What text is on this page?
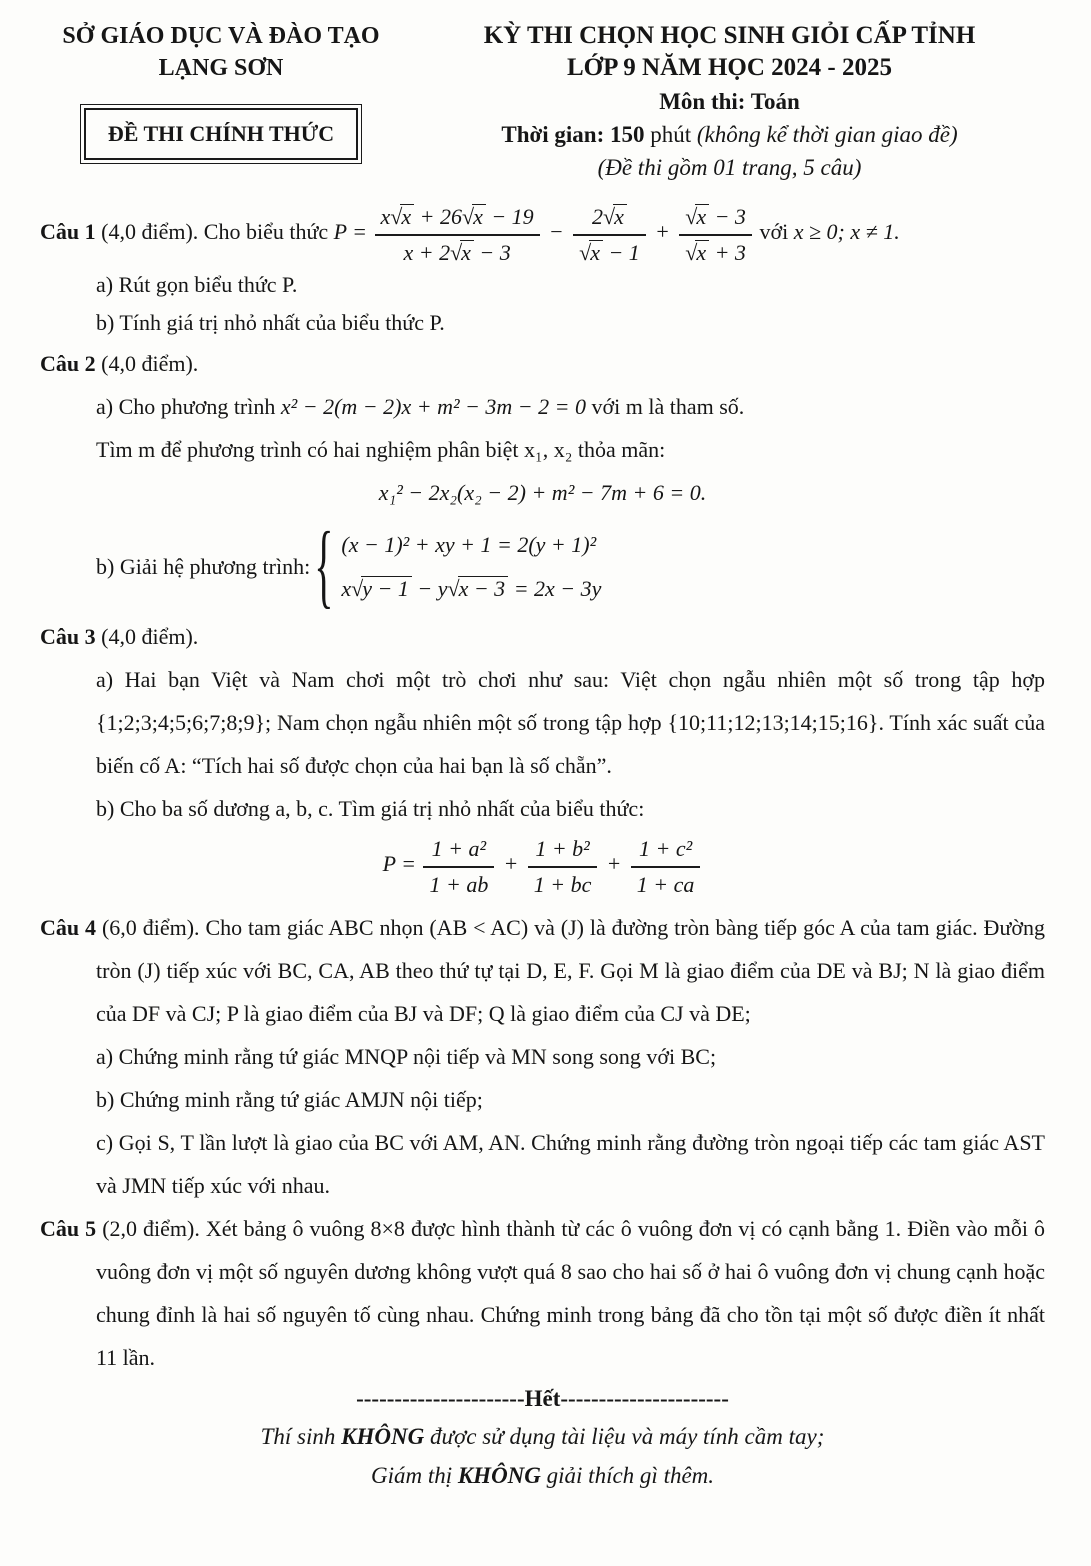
SỞ GIÁO DỤC VÀ ĐÀO TẠO
LẠNG SƠN
ĐỀ THI CHÍNH THỨC
KỲ THI CHỌN HỌC SINH GIỎI CẤP TỈNH
LỚP 9 NĂM HỌC 2024 - 2025
Môn thi: Toán
Thời gian: 150 phút (không kể thời gian giao đề)
(Đề thi gồm 01 trang, 5 câu)
Câu 1 (4,0 điểm). Cho biểu thức $P = \frac{x√x + 26√x - 19}{x + 2√x - 3} - \frac{2√x}{√x - 1} + \frac{√x - 3}{√x + 3}$ với x ≥ 0; x ≠ 1.
a) Rút gọn biểu thức P.
b) Tính giá trị nhỏ nhất của biểu thức P.
Câu 2 (4,0 điểm).
a) Cho phương trình x² − 2(m − 2)x + m² − 3m − 2 = 0 với m là tham số.
Tìm m để phương trình có hai nghiệm phân biệt x₁, x₂ thỏa mãn:
x₁² − 2x₂(x₂ − 2) + m² − 7m + 6 = 0.
b) Giải hệ phương trình: { (x − 1)² + xy + 1 = 2(y + 1)²
x√y − 1 − y√x − 3 = 2x − 3y
Câu 3 (4,0 điểm).
a) Hai bạn Việt và Nam chơi một trò chơi như sau: Việt chọn ngẫu nhiên một số trong tập hợp {1;2;3;4;5;6;7;8;9}; Nam chọn ngẫu nhiên một số trong tập hợp {10;11;12;13;14;15;16}. Tính xác suất của biến cố A: “Tích hai số được chọn của hai bạn là số chẵn”.
b) Cho ba số dương a, b, c. Tìm giá trị nhỏ nhất của biểu thức:
$P = \frac{\text{1 + a²}}{1 + ab} + \frac{\text{1 + b²}}{1 + bc} + \frac{\text{1 + c²}}{1 + ca}$
Câu 4 (6,0 điểm). Cho tam giác ABC nhọn (AB < AC) và (J) là đường tròn bàng tiếp góc A của tam giác. Đường tròn (J) tiếp xúc với BC, CA, AB theo thứ tự tại D, E, F. Gọi M là giao điểm của DE và BJ; N là giao điểm của DF và CJ; P là giao điểm của BJ và DF; Q là giao điểm của CJ và DE;
a) Chứng minh rằng tứ giác MNQP nội tiếp và MN song song với BC;
b) Chứng minh rằng tứ giác AMJN nội tiếp;
c) Gọi S, T lần lượt là giao của BC với AM, AN. Chứng minh rằng đường tròn ngoại tiếp các tam giác AST và JMN tiếp xúc với nhau.
Câu 5 (2,0 điểm). Xét bảng ô vuông 8×8 được hình thành từ các ô vuông đơn vị có cạnh bằng 1. Điền vào mỗi ô vuông đơn vị một số nguyên dương không vượt quá 8 sao cho hai số ở hai ô vuông đơn vị chung cạnh hoặc chung đỉnh là hai số nguyên tố cùng nhau. Chứng minh trong bảng đã cho tồn tại một số được điền ít nhất 11 lần.
----------------------Hết----------------------
Thí sinh KHÔNG được sử dụng tài liệu và máy tính cầm tay;
Giám thị KHÔNG giải thích gì thêm.
